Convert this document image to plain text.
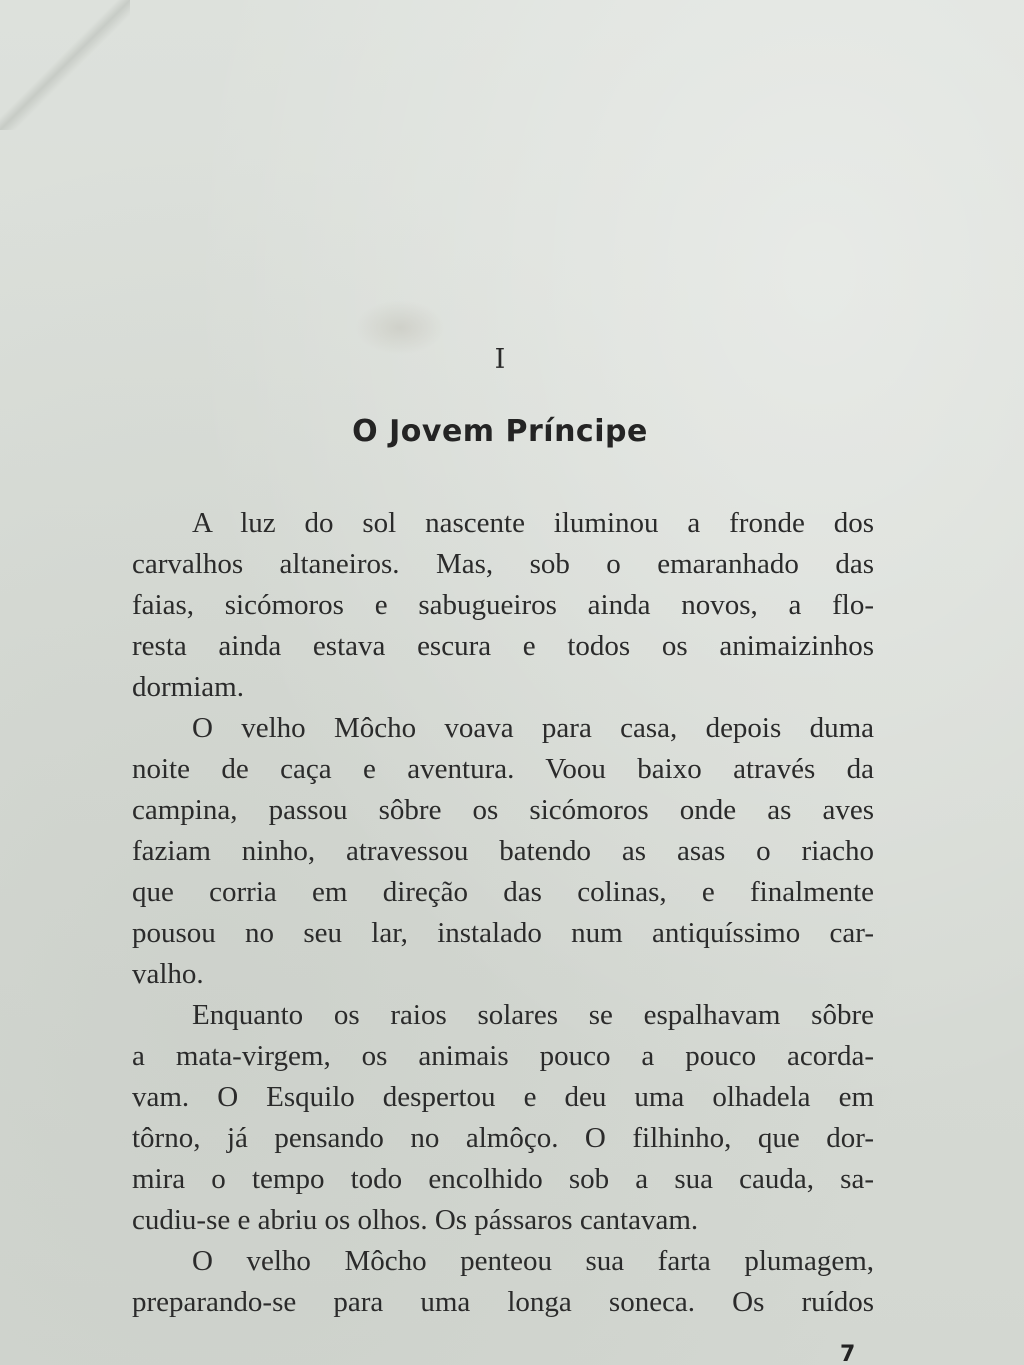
I
O Jovem Príncipe

A luz do sol nascente iluminou a fronde dos
carvalhos altaneiros. Mas, sob o emaranhado das
faias, sicómoros e sabugueiros ainda novos, a flo-
resta ainda estava escura e todos os animaizinhos
dormiam.

O velho Môcho voava para casa, depois duma
noite de caça e aventura. Voou baixo através da
campina, passou sôbre os sicómoros onde as aves
faziam ninho, atravessou batendo as asas o riacho
que corria em direção das colinas, e finalmente
pousou no seu lar, instalado num antiquíssimo car-
valho.

Enquanto os raios solares se espalhavam sôbre
a mata-virgem, os animais pouco a pouco acorda-
vam. O Esquilo despertou e deu uma olhadela em
tôrno, já pensando no almôço. O filhinho, que dor-
mira o tempo todo encolhido sob a sua cauda, sa-
cudiu-se e abriu os olhos. Os pássaros cantavam.

O velho Môcho penteou sua farta plumagem,
preparando-se para uma longa soneca. Os ruídos

7
